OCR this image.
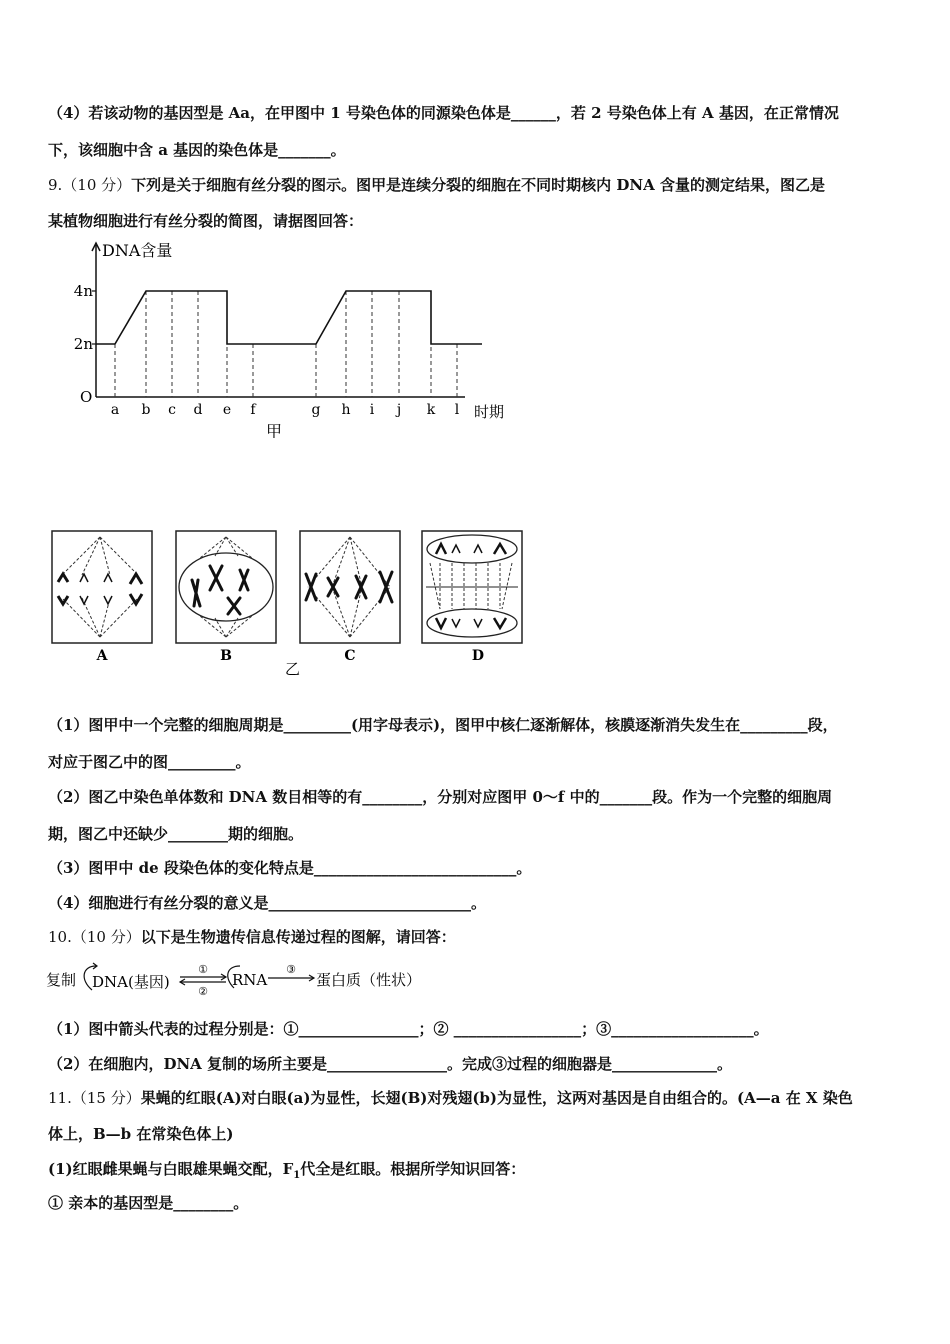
（4）若该动物的基因型是 Aa，在甲图中 1 号染色体的同源染色体是______，若 2 号染色体上有 A 基因，在正常情况
下，该细胞中含 a 基因的染色体是_______。
9.（10 分）下列是关于细胞有丝分裂的图示。图甲是连续分裂的细胞在不同时期核内 DNA 含量的测定结果，图乙是
某植物细胞进行有丝分裂的简图，请据图回答：
DNA含量
时期
O
2n
4n
a b c d e f	g h i j k l
甲
A	B	C	D
乙
（1）图甲中一个完整的细胞周期是_________(用字母表示)，图甲中核仁逐渐解体，核膜逐渐消失发生在_________段，
对应于图乙中的图_________。
（2）图乙中染色单体数和 DNA 数目相等的有________，分别对应图甲 0～f 中的_______段。作为一个完整的细胞周
期，图乙中还缺少________期的细胞。
（3）图甲中 de 段染色体的变化特点是___________________________。
（4）细胞进行有丝分裂的意义是___________________________。
10.（10 分）以下是生物遗传信息传递过程的图解，请回答：
复制 DNA(基因)
①
②
RNA
③
蛋白质（性状）
（1）图中箭头代表的过程分别是：①________________；② _________________；③___________________。
（2）在细胞内，DNA 复制的场所主要是________________。完成③过程的细胞器是______________。
11.（15 分）果蝇的红眼(A)对白眼(a)为显性，长翅(B)对残翅(b)为显性，这两对基因是自由组合的。(A—a 在 X 染色
体上，B—b 在常染色体上)
(1)红眼雌果蝇与白眼雄果蝇交配，$F_1$代全是红眼。根据所学知识回答：
① 亲本的基因型是________。
